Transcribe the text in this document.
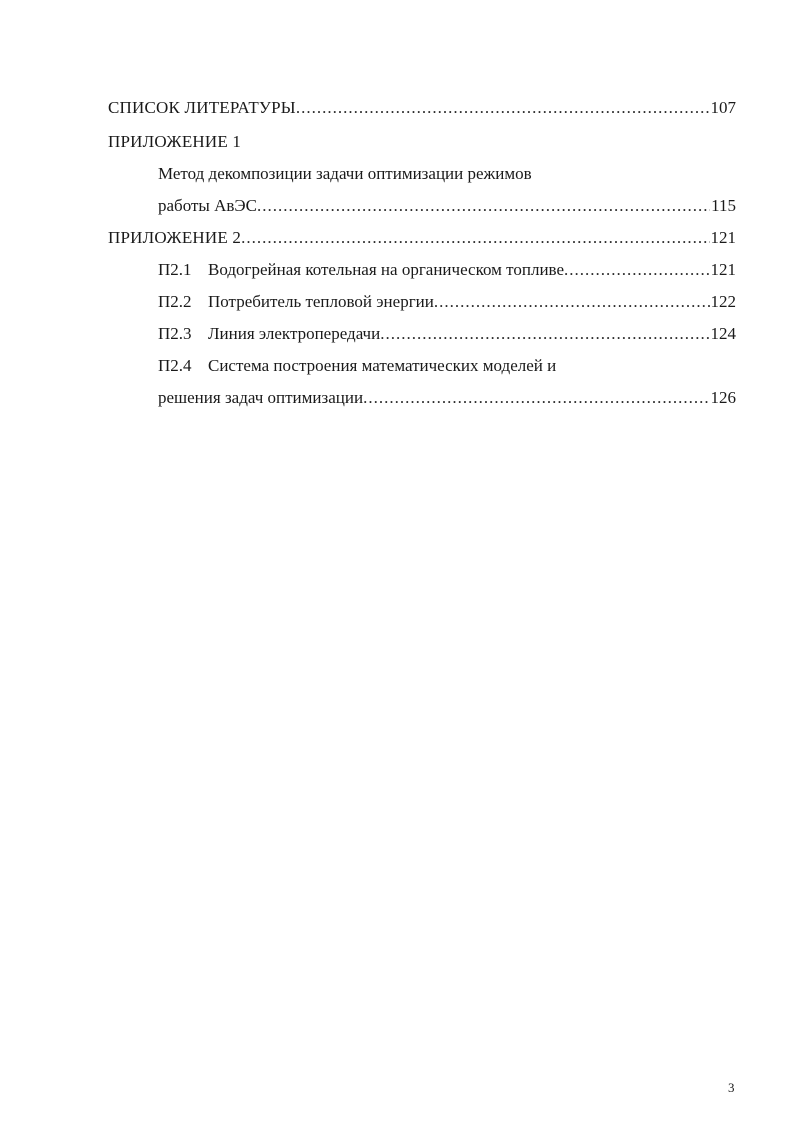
СПИСОК ЛИТЕРАТУРЫ .....	107
ПРИЛОЖЕНИЕ 1
Метод декомпозиции задачи оптимизации режимов
работы АвЭС .....	115
ПРИЛОЖЕНИЕ 2 .....	121
П2.1 Водогрейная котельная на органическом топливе .....	121
П2.2 Потребитель тепловой энергии .....	122
П2.3 Линия электропередачи .....	124
П2.4 Система построения математических моделей и
решения задач оптимизации .....	126
3
